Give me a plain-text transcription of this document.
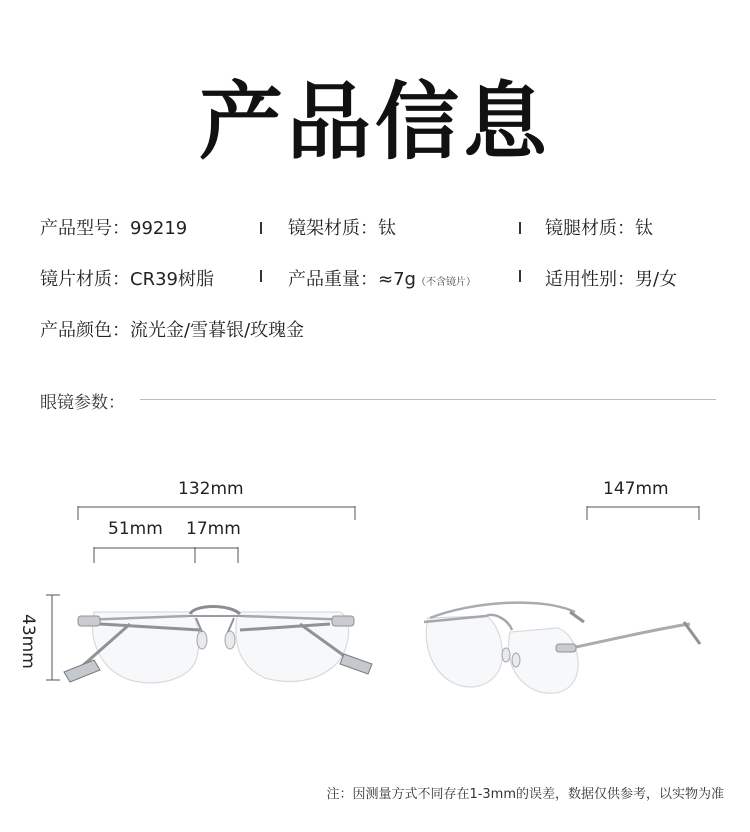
产品信息
产品型号：99219	镜架材质：钛	镜腿材质：钛
镜片材质：CR39树脂	产品重量：≈7g（不含镜片）	适用性别：男/女
产品颜色：流光金/雪暮银/玫瑰金
眼镜参数：
132mm
51mm 17mm
43mm
147mm
注：因测量方式不同存在1-3mm的误差，数据仅供参考，以实物为准
